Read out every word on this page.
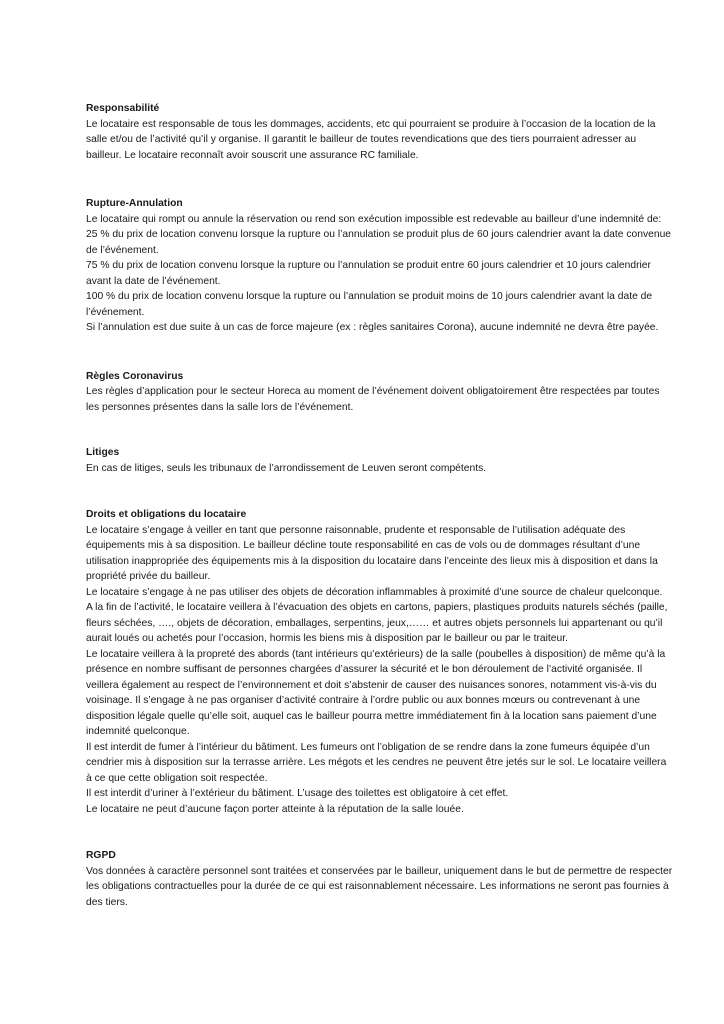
Responsabilité

Le locataire est responsable de tous les dommages, accidents, etc qui pourraient se produire à l’occasion de la location de la salle et/ou de l’activité qu’il y organise. Il garantit le bailleur de toutes revendications que des tiers pourraient adresser au bailleur. Le locataire reconnaît avoir souscrit une assurance RC familiale.

Rupture-Annulation

Le locataire qui rompt ou annule la réservation ou rend son exécution impossible est redevable au bailleur d’une indemnité de:

25 % du prix de location convenu lorsque la rupture ou l’annulation se produit plus de 60 jours calendrier avant la date convenue de l’événement.

75 % du prix de location convenu lorsque la rupture ou l’annulation se produit entre 60 jours calendrier et 10 jours calendrier avant la date de l’événement.

100 % du prix de location convenu lorsque la rupture ou l’annulation se produit moins de 10 jours calendrier avant la date de l’événement.

Si l’annulation est due suite à un cas de force majeure (ex : règles sanitaires Corona), aucune indemnité ne devra être payée.

Règles Coronavirus

Les règles d’application pour le secteur Horeca au moment de l’événement doivent obligatoirement être respectées par toutes les personnes présentes dans la salle lors de l’événement.

Litiges

En cas de litiges, seuls les tribunaux de l’arrondissement de Leuven seront compétents.

Droits et obligations du locataire

Le locataire s’engage à veiller en tant que personne raisonnable, prudente et responsable de l’utilisation adéquate des équipements mis à sa disposition. Le bailleur décline toute responsabilité en cas de vols ou de dommages résultant d’une utilisation inappropriée des équipements mis à la disposition du locataire dans l’enceinte des lieux mis à disposition et dans la propriété privée du bailleur.

Le locataire s’engage à ne pas utiliser des objets de décoration inflammables à proximité d’une source de chaleur quelconque.

A la fin de l’activité, le locataire veillera à l’évacuation des objets en cartons, papiers, plastiques produits naturels séchés (paille, fleurs séchées, …., objets de décoration, emballages, serpentins, jeux,…… et autres objets personnels lui appartenant ou qu’il aurait loués ou achetés pour l’occasion, hormis les biens mis à disposition par le bailleur ou par le traiteur.

Le locataire veillera à la propreté des abords (tant intérieurs qu’extérieurs) de la salle (poubelles à disposition) de même qu’à la présence en nombre suffisant de personnes chargées d’assurer la sécurité et le bon déroulement de l’activité organisée. Il veillera également au respect de l’environnement et doit s’abstenir de causer des nuisances sonores, notamment vis-à-vis du voisinage. Il s’engage à ne pas organiser d’activité contraire à l’ordre public ou aux bonnes mœurs ou contrevenant à une disposition légale quelle qu’elle soit, auquel cas le bailleur pourra mettre immédiatement fin à la location sans paiement d’une indemnité quelconque.

Il est interdit de fumer à l’intérieur du bâtiment. Les fumeurs ont l’obligation de se rendre dans la zone fumeurs équipée d’un cendrier mis à disposition sur la terrasse arrière. Les mégots et les cendres ne peuvent être jetés sur le sol. Le locataire veillera à ce que cette obligation soit respectée.

Il est interdit d’uriner à l’extérieur du bâtiment. L’usage des toilettes est obligatoire à cet effet.

Le locataire ne peut d’aucune façon porter atteinte à la réputation de la salle louée.

RGPD

Vos données à caractère personnel sont traitées et conservées par le bailleur, uniquement dans le but de permettre de respecter les obligations contractuelles pour la durée de ce qui est raisonnablement nécessaire. Les informations ne seront pas fournies à des tiers.
